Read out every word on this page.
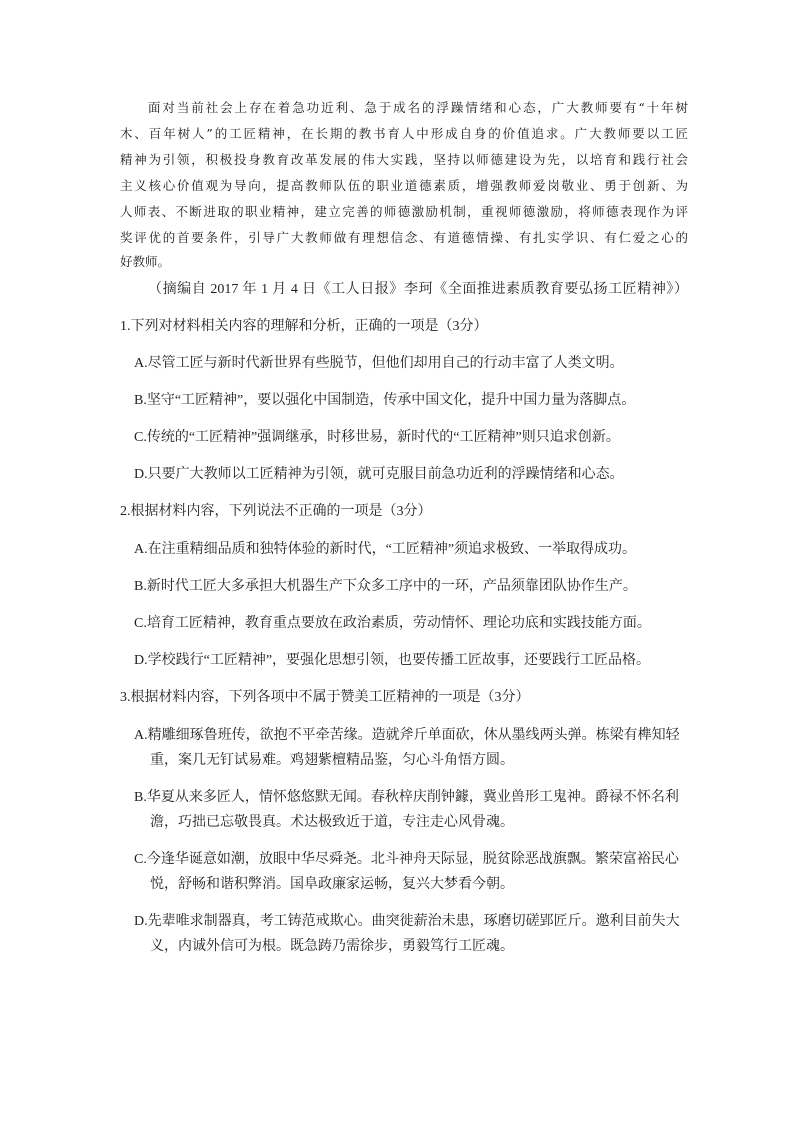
面对当前社会上存在着急功近利、急于成名的浮躁情绪和心态，广大教师要有“十年树
木、百年树人”的工匠精神，在长期的教书育人中形成自身的价值追求。广大教师要以工匠
精神为引领，积极投身教育改革发展的伟大实践，坚持以师德建设为先，以培育和践行社会
主义核心价值观为导向，提高教师队伍的职业道德素质，增强教师爱岗敬业、勇于创新、为
人师表、不断进取的职业精神，建立完善的师德激励机制，重视师德激励，将师德表现作为评
奖评优的首要条件，引导广大教师做有理想信念、有道德情操、有扎实学识、有仁爱之心的
好教师。
（摘编自 2017 年 1 月 4 日《工人日报》李珂《全面推进素质教育要弘扬工匠精神》）
1.下列对材料相关内容的理解和分析，正确的一项是（3分）
A.尽管工匠与新时代新世界有些脱节，但他们却用自己的行动丰富了人类文明。
B.坚守“工匠精神”，要以强化中国制造，传承中国文化，提升中国力量为落脚点。
C.传统的“工匠精神”强调继承，时移世易，新时代的“工匠精神”则只追求创新。
D.只要广大教师以工匠精神为引领，就可克服目前急功近利的浮躁情绪和心态。
2.根据材料内容，下列说法不正确的一项是（3分）
A.在注重精细品质和独特体验的新时代，“工匠精神”须追求极致、一举取得成功。
B.新时代工匠大多承担大机器生产下众多工序中的一环，产品须靠团队协作生产。
C.培育工匠精神，教育重点要放在政治素质，劳动情怀、理论功底和实践技能方面。
D.学校践行“工匠精神”，要强化思想引领，也要传播工匠故事，还要践行工匠品格。
3.根据材料内容，下列各项中不属于赞美工匠精神的一项是（3分）
A.精雕细琢鲁班传，欲抱不平牵苦缘。造就斧斤单面砍，休从墨线两头弹。栋梁有榫知轻
重，案几无钉试易难。鸡翅紫檀精品鉴，匀心斗角悟方圆。
B.华夏从来多匠人，情怀悠悠默无闻。春秋梓庆削钟鐻，冀业兽形工鬼神。爵禄不怀名利
澹，巧拙已忘敬畏真。术达极致近于道，专注走心风骨魂。
C.今逢华诞意如潮，放眼中华尽舜尧。北斗神舟天际显，脱贫除恶战旗飘。繁荣富裕民心
悦，舒畅和谐积弊消。国阜政廉家运畅，复兴大梦看今朝。
D.先辈唯求制器真，考工铸范戒欺心。曲突徙薪治未患，琢磨切磋郢匠斤。邀利目前失大
义，内诚外信可为根。既急踌乃需徐步，勇毅笃行工匠魂。
